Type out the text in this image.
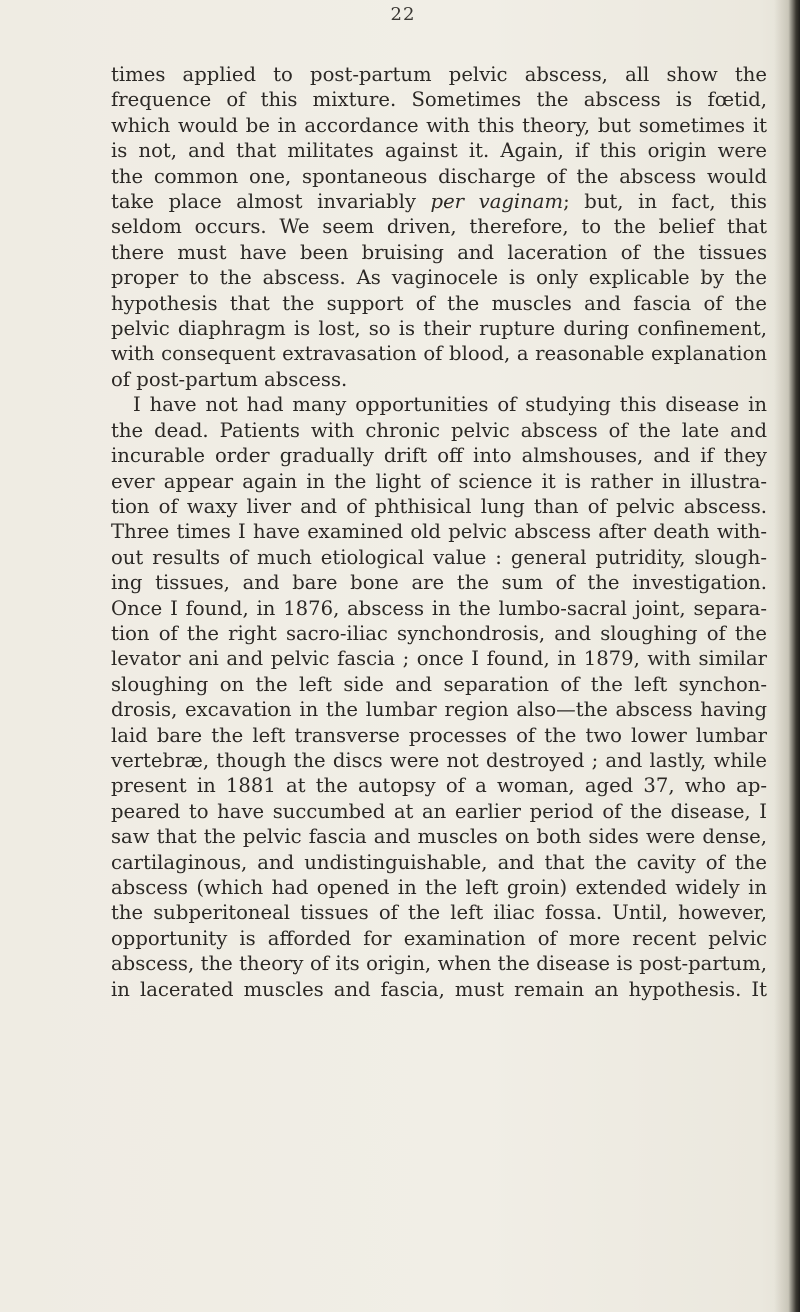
22
times applied to post-partum pelvic abscess, all show the
frequence of this mixture. Sometimes the abscess is fœtid,
which would be in accordance with this theory, but sometimes it
is not, and that militates against it. Again, if this origin were
the common one, spontaneous discharge of the abscess would
take place almost invariably per vaginam; but, in fact, this
seldom occurs. We seem driven, therefore, to the belief that
there must have been bruising and laceration of the tissues
proper to the abscess. As vaginocele is only explicable by the
hypothesis that the support of the muscles and fascia of the
pelvic diaphragm is lost, so is their rupture during confinement,
with consequent extravasation of blood, a reasonable explanation
of post-partum abscess.
I have not had many opportunities of studying this disease in
the dead. Patients with chronic pelvic abscess of the late and
incurable order gradually drift off into almshouses, and if they
ever appear again in the light of science it is rather in illustra-
tion of waxy liver and of phthisical lung than of pelvic abscess.
Three times I have examined old pelvic abscess after death with-
out results of much etiological value : general putridity, slough-
ing tissues, and bare bone are the sum of the investigation.
Once I found, in 1876, abscess in the lumbo-sacral joint, separa-
tion of the right sacro-iliac synchondrosis, and sloughing of the
levator ani and pelvic fascia ; once I found, in 1879, with similar
sloughing on the left side and separation of the left synchon-
drosis, excavation in the lumbar region also—the abscess having
laid bare the left transverse processes of the two lower lumbar
vertebræ, though the discs were not destroyed ; and lastly, while
present in 1881 at the autopsy of a woman, aged 37, who ap-
peared to have succumbed at an earlier period of the disease, I
saw that the pelvic fascia and muscles on both sides were dense,
cartilaginous, and undistinguishable, and that the cavity of the
abscess (which had opened in the left groin) extended widely in
the subperitoneal tissues of the left iliac fossa. Until, however,
opportunity is afforded for examination of more recent pelvic
abscess, the theory of its origin, when the disease is post-partum,
in lacerated muscles and fascia, must remain an hypothesis. It
